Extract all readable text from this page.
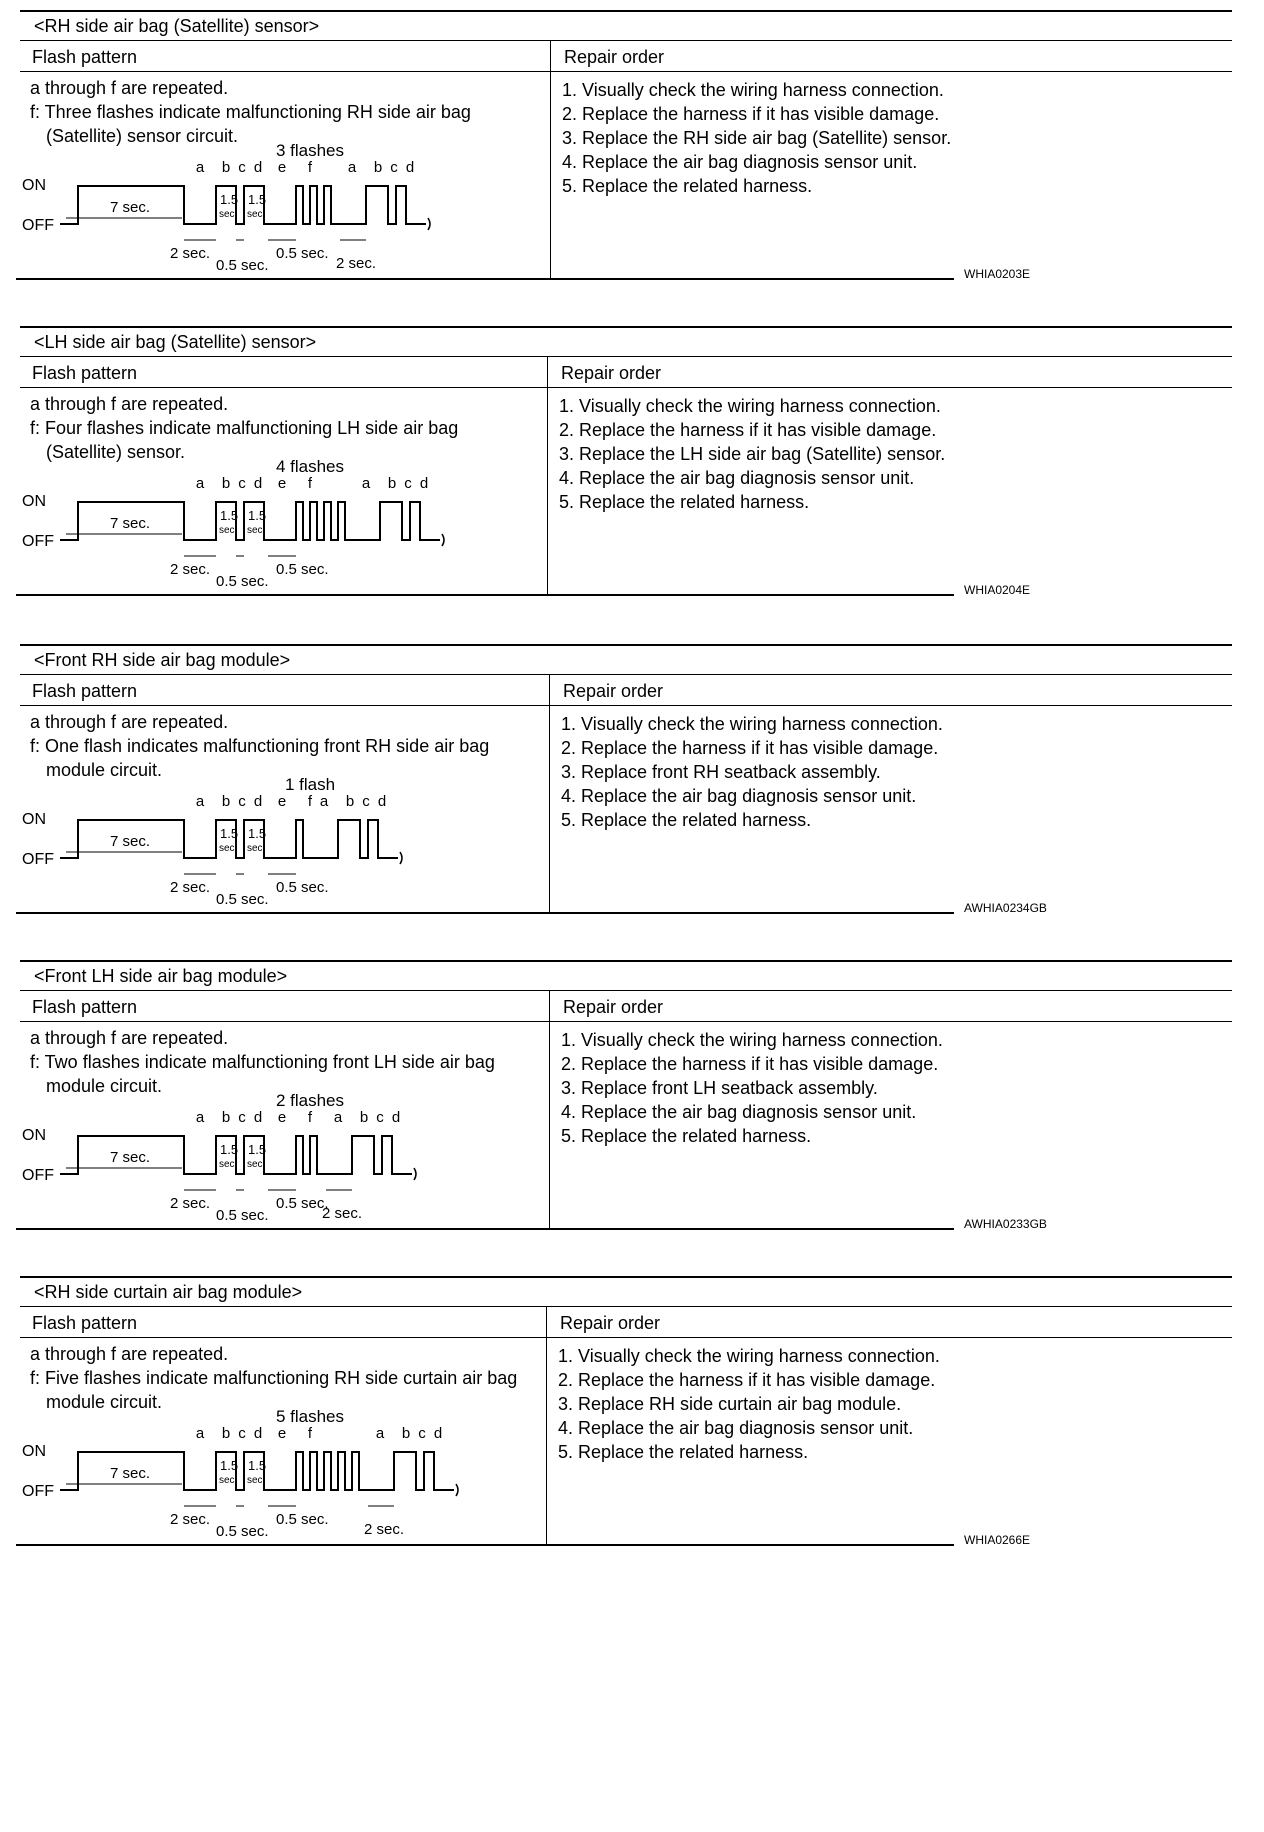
<RH side air bag (Satellite) sensor>
Flash pattern	Repair order
a through f are repeated.
f: Three flashes indicate malfunctioning RH side air bag
(Satellite) sensor circuit.
1. Visually check the wiring harness connection.
2. Replace the harness if it has visible damage.
3. Replace the RH side air bag (Satellite) sensor.
4. Replace the air bag diagnosis sensor unit.
5. Replace the related harness.
WHIA0203E
3 flashes
ON
OFF
7 sec.	1.5
sec.
1.5
sec.
a b c d e f a b c d
2 sec.
0.5 sec.
0.5 sec.
2 sec.
<LH side air bag (Satellite) sensor>
Flash pattern	Repair order
a through f are repeated.
f: Four flashes indicate malfunctioning LH side air bag
(Satellite) sensor.
1. Visually check the wiring harness connection.
2. Replace the harness if it has visible damage.
3. Replace the LH side air bag (Satellite) sensor.
4. Replace the air bag diagnosis sensor unit.
5. Replace the related harness.
WHIA0204E
4 flashes
ON
OFF
7 sec.	1.5
sec.
1.5
sec.
a b c d e f	a b c d
2 sec.
0.5 sec.
0.5 sec.
<Front RH side air bag module>
Flash pattern	Repair order
a through f are repeated.
f: One flash indicates malfunctioning front RH side air bag
module circuit.
1. Visually check the wiring harness connection.
2. Replace the harness if it has visible damage.
3. Replace front RH seatback assembly.
4. Replace the air bag diagnosis sensor unit.
5. Replace the related harness.
AWHIA0234GB
1 flash
ON
OFF
7 sec.	1.5
sec.
1.5
sec.
a b c d e f a b c d
2 sec.
0.5 sec.
0.5 sec.
<Front LH side air bag module>
Flash pattern	Repair order
a through f are repeated.
f: Two flashes indicate malfunctioning front LH side air bag
module circuit.
1. Visually check the wiring harness connection.
2. Replace the harness if it has visible damage.
3. Replace front LH seatback assembly.
4. Replace the air bag diagnosis sensor unit.
5. Replace the related harness.
AWHIA0233GB
2 flashes
ON
OFF
7 sec.	1.5
sec.
1.5
sec.
a b c d e f a b c d
2 sec.
0.5 sec.
0.5 sec.
2 sec.
<RH side curtain air bag module>
Flash pattern	Repair order
a through f are repeated.
f: Five flashes indicate malfunctioning RH side curtain air bag
module circuit.
1. Visually check the wiring harness connection.
2. Replace the harness if it has visible damage.
3. Replace RH side curtain air bag module.
4. Replace the air bag diagnosis sensor unit.
5. Replace the related harness.
WHIA0266E
5 flashes
ON
OFF
7 sec.	1.5
sec.
1.5
sec.
a b c d e f	a b c d
2 sec.
0.5 sec.
0.5 sec.
2 sec.
